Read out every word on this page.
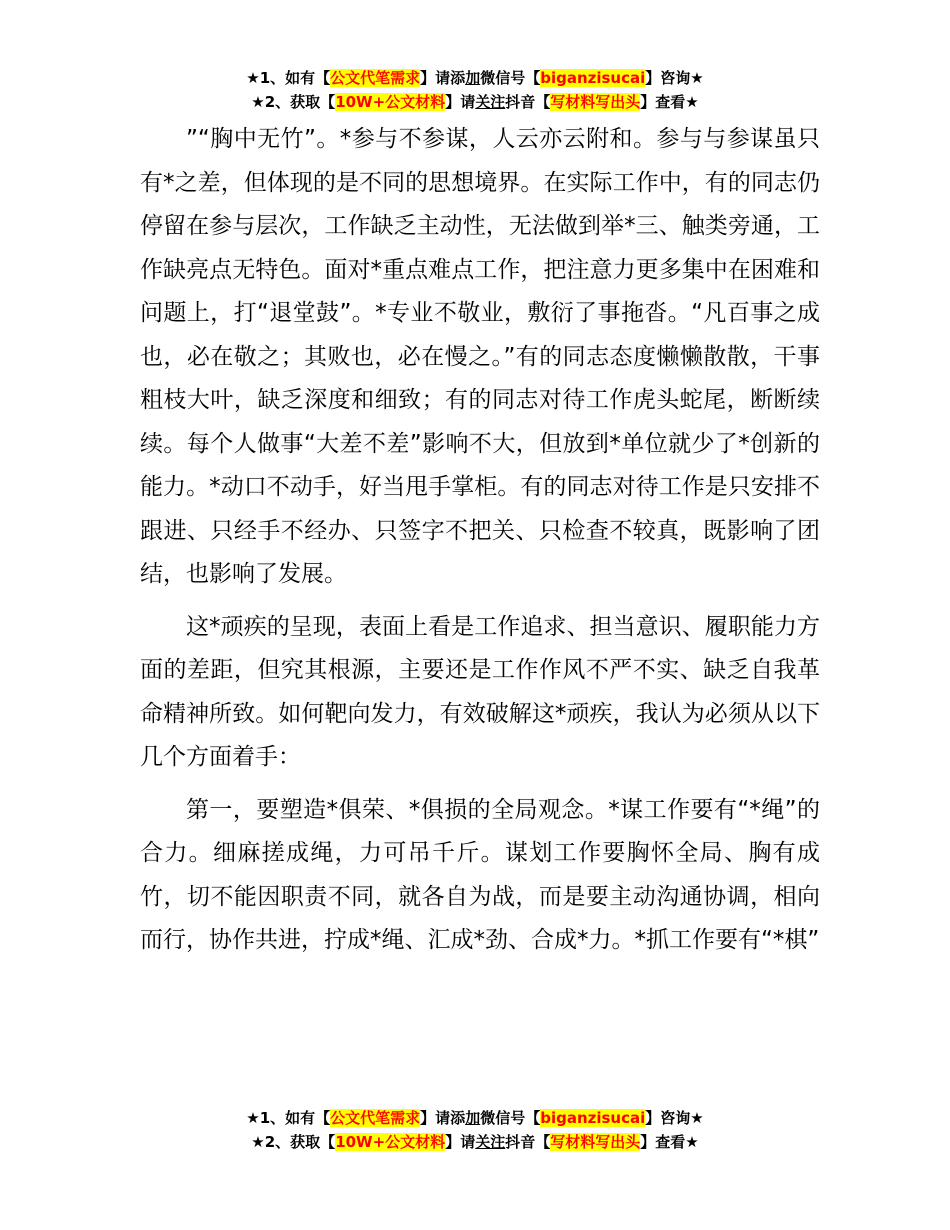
★1、如有【公文代笔需求】请添加微信号【biganzisucai】咨询★
★2、获取【10W+公文材料】请关注抖音【写材料写出头】查看★

”“胸中无竹”。*参与不参谋，人云亦云附和。参与与参谋虽只有*之差，但体现的是不同的思想境界。在实际工作中，有的同志仍停留在参与层次，工作缺乏主动性，无法做到举*三、触类旁通，工作缺亮点无特色。面对*重点难点工作，把注意力更多集中在困难和问题上，打“退堂鼓”。*专业不敬业，敷衍了事拖沓。“凡百事之成也，必在敬之；其败也，必在慢之。”有的同志态度懒懒散散，干事粗枝大叶，缺乏深度和细致；有的同志对待工作虎头蛇尾，断断续续。每个人做事“大差不差”影响不大，但放到*单位就少了*创新的能力。*动口不动手，好当甩手掌柜。有的同志对待工作是只安排不跟进、只经手不经办、只签字不把关、只检查不较真，既影响了团结，也影响了发展。

这*顽疾的呈现，表面上看是工作追求、担当意识、履职能力方面的差距，但究其根源，主要还是工作作风不严不实、缺乏自我革命精神所致。如何靶向发力，有效破解这*顽疾，我认为必须从以下几个方面着手：

第一，要塑造*俱荣、*俱损的全局观念。*谋工作要有“*绳”的合力。细麻搓成绳，力可吊千斤。谋划工作要胸怀全局、胸有成竹，切不能因职责不同，就各自为战，而是要主动沟通协调，相向而行，协作共进，拧成*绳、汇成*劲、合成*力。*抓工作要有“*棋”

★1、如有【公文代笔需求】请添加微信号【biganzisucai】咨询★
★2、获取【10W+公文材料】请关注抖音【写材料写出头】查看★
